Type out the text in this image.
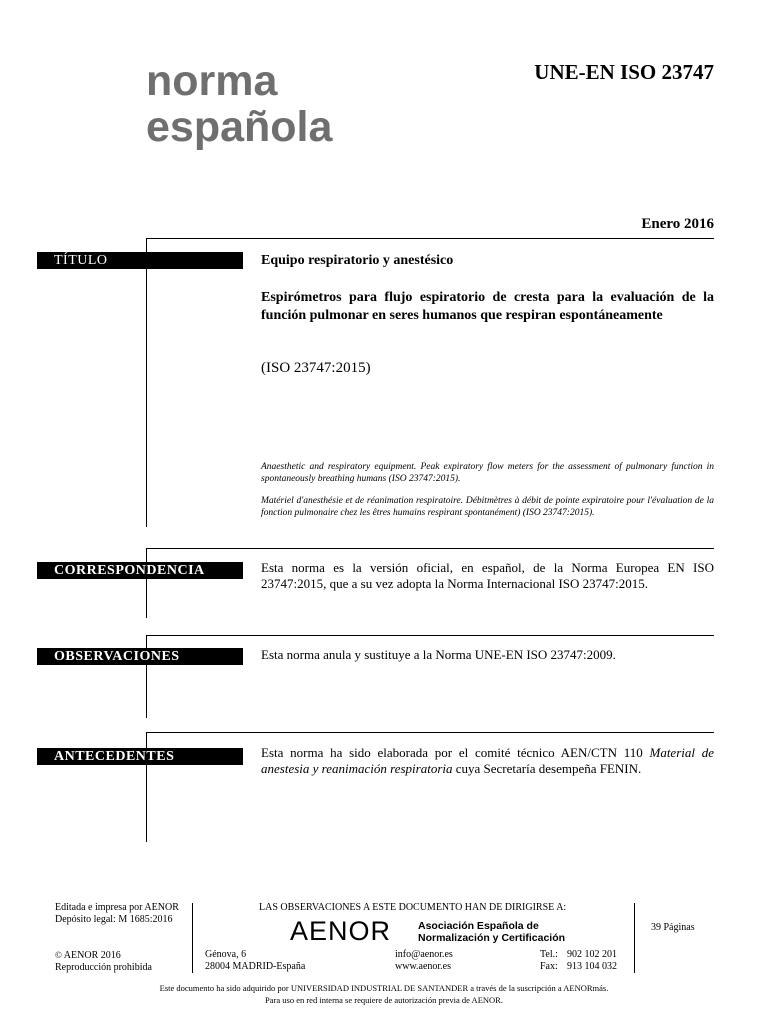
norma
española
UNE-EN ISO 23747
Enero 2016
TÍTULO	Equipo respiratorio y anestésico
Espirómetros para flujo espiratorio de cresta para la evaluación de la función pulmonar en seres humanos que respiran espontáneamente
(ISO 23747:2015)
Anaesthetic and respiratory equipment. Peak expiratory flow meters for the assessment of pulmonary function in spontaneously breathing humans (ISO 23747:2015).
Matériel d'anesthésie et de réanimation respiratoire. Débitmètres à débit de pointe expiratoire pour l'évaluation de la fonction pulmonaire chez les êtres humains respirant spontanément) (ISO 23747:2015).
CORRESPONDENCIA	Esta norma es la versión oficial, en español, de la Norma Europea EN ISO 23747:2015, que a su vez adopta la Norma Internacional ISO 23747:2015.
OBSERVACIONES	Esta norma anula y sustituye a la Norma UNE-EN ISO 23747:2009.
ANTECEDENTES	Esta norma ha sido elaborada por el comité técnico AEN/CTN 110 Material de anestesia y reanimación respiratoria cuya Secretaría desempeña FENIN.
Editada e impresa por AENOR
Depósito legal: M 1685:2016
LAS OBSERVACIONES A ESTE DOCUMENTO HAN DE DIRIGIRSE A:
AENOR	Asociación Española de
Normalización y Certificación
39 Páginas
© AENOR 2016
Reproducción prohibida
Génova, 6
28004 MADRID-España
info@aenor.es
www.aenor.es
Tel.: 902 102 201
Fax: 913 104 032
Este documento ha sido adquirido por UNIVERSIDAD INDUSTRIAL DE SANTANDER a través de la suscripción a AENORmás.
Para uso en red interna se requiere de autorización previa de AENOR.
